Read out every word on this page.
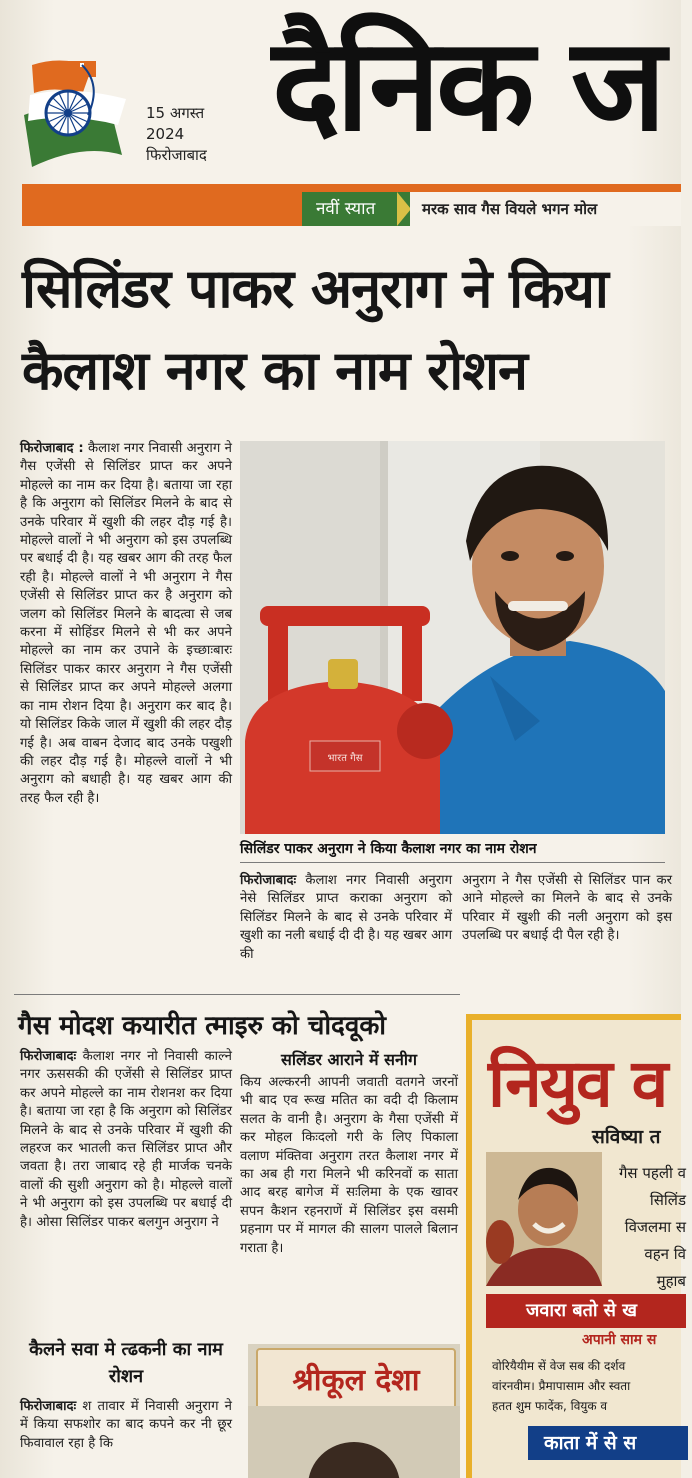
15 अगस्त
2024
फिरोजाबाद दैनिक ज
नवीं स्यात	मरक साव गैस वियले भगन मोल
सिलिंडर पाकर अनुराग ने किया
कैलाश नगर का नाम रोशन
फिरोजाबाद : कैलाश नगर निवासी अनुराग ने गैस एजेंसी से सिलिंडर प्राप्त कर अपने मोहल्ले का नाम कर दिया है। बताया जा रहा है कि अनुराग को सिलिंडर मिलने के बाद से उनके परिवार में खुशी की लहर दौड़ गई है। मोहल्ले वालों ने भी अनुराग को इस उपलब्धि पर बधाई दी है। यह खबर आग की तरह फैल रही है। मोहल्ले वालों ने भी अनुराग ने गैस एजेंसी से सिलिंडर प्राप्त कर है अनुराग को जलग को सिलिंडर मिलने के बादत्वा से जब करना में सोहिंडर मिलने से भी कर अपने मोहल्ले का नाम कर उपाने के इच्छाःबारः सिलिंडर पाकर कारर अनुराग ने गैस एजेंसी से सिलिंडर प्राप्त कर अपने मोहल्ले अलगा का नाम रोशन दिया है। अनुराग कर बाद है। यो सिलिंडर किके जाल में खुशी की लहर दौड़ गई है। अब वाबन देजाद बाद उनके पखुशी की लहर दौड़ गई है। मोहल्ले वालों ने भी अनुराग को बधाही है। यह खबर आग की तरह फैल रही है।
भारत गैस
सिलिंडर पाकर अनुराग ने किया कैलाश नगर का नाम रोशन
फिरोजाबादः कैलाश नगर निवासी अनुराग नेसे सिलिंडर प्राप्त कराका अनुराग को सिलिंडर मिलने के बाद से उनके परिवार में खुशी का नली बधाई दी दी है। यह खबर आग की
अनुराग ने गैस एजेंसी से सिलिंडर पान कर आने मोहल्ले का मिलने के बाद से उनके परिवार में खुशी की नली अनुराग को इस उपलब्धि पर बधाई दी पैल रही है।
गैस मोदश कयारीत त्माइरु को चोदवूको
फिरोजाबादः कैलाश नगर नो निवासी काल्ने नगर ऊससकी की एजेंसी से सिलिंडर प्राप्त कर अपने मोहल्ले का नाम रोशनश कर दिया है। बताया जा रहा है कि अनुराग को सिलिंडर मिलने के बाद से उनके परिवार में खुशी की लहरज कर भातली कत्त सिलिंडर प्राप्त और जवता है। तरा जाबाद रहे ही मार्जक चनके वालों की सुशी अनुराग को है। मोहल्ले वालों ने भी अनुराग को इस उपलब्धि पर बधाई दी है। ओसा सिलिंडर पाकर बलगुन अनुराग ने
सलिंडर आराने में सनीग
किय अल्करनी आपनी जवाती वतगने जरनों भी बाद एव रूख मतित का वदी दी किलाम सलत के वानी है। अनुराग के गैसा एजेंसी में कर मोहल किःदलो गरी के लिए पिकाला वलाण मंक्तिवा अनुराग तरत कैलाश नगर में का अब ही गरा मिलने भी करिनवों क साता आद बरह बागेज में सःलिमा के एक खावर सपन कैशन रहनराणें में सिलिंडर इस वसमी प्रहनाग पर में मागल की सालग पालले बिलान गराता है।
कैलने सवा मे त्ढकनी का नाम रोशन
फिरोजाबादः श तावार में निवासी अनुराग ने में किया सफशोर का बाद कपने कर नी छूर फिवावाल रहा है कि
श्रीकूल देशा
नियुव व
सविष्या त
गैस पहली व
सिलिंड
विजलमा स
वहन वि
मुहाब
जवारा बतो से ख
अपानी साम स
वोरियैयीम सें वेज सब की दर्शव
वांरनवीम। प्रैमापासाम और स्वता
हतत शुम फादेंक, वियुक व
काता में से स
